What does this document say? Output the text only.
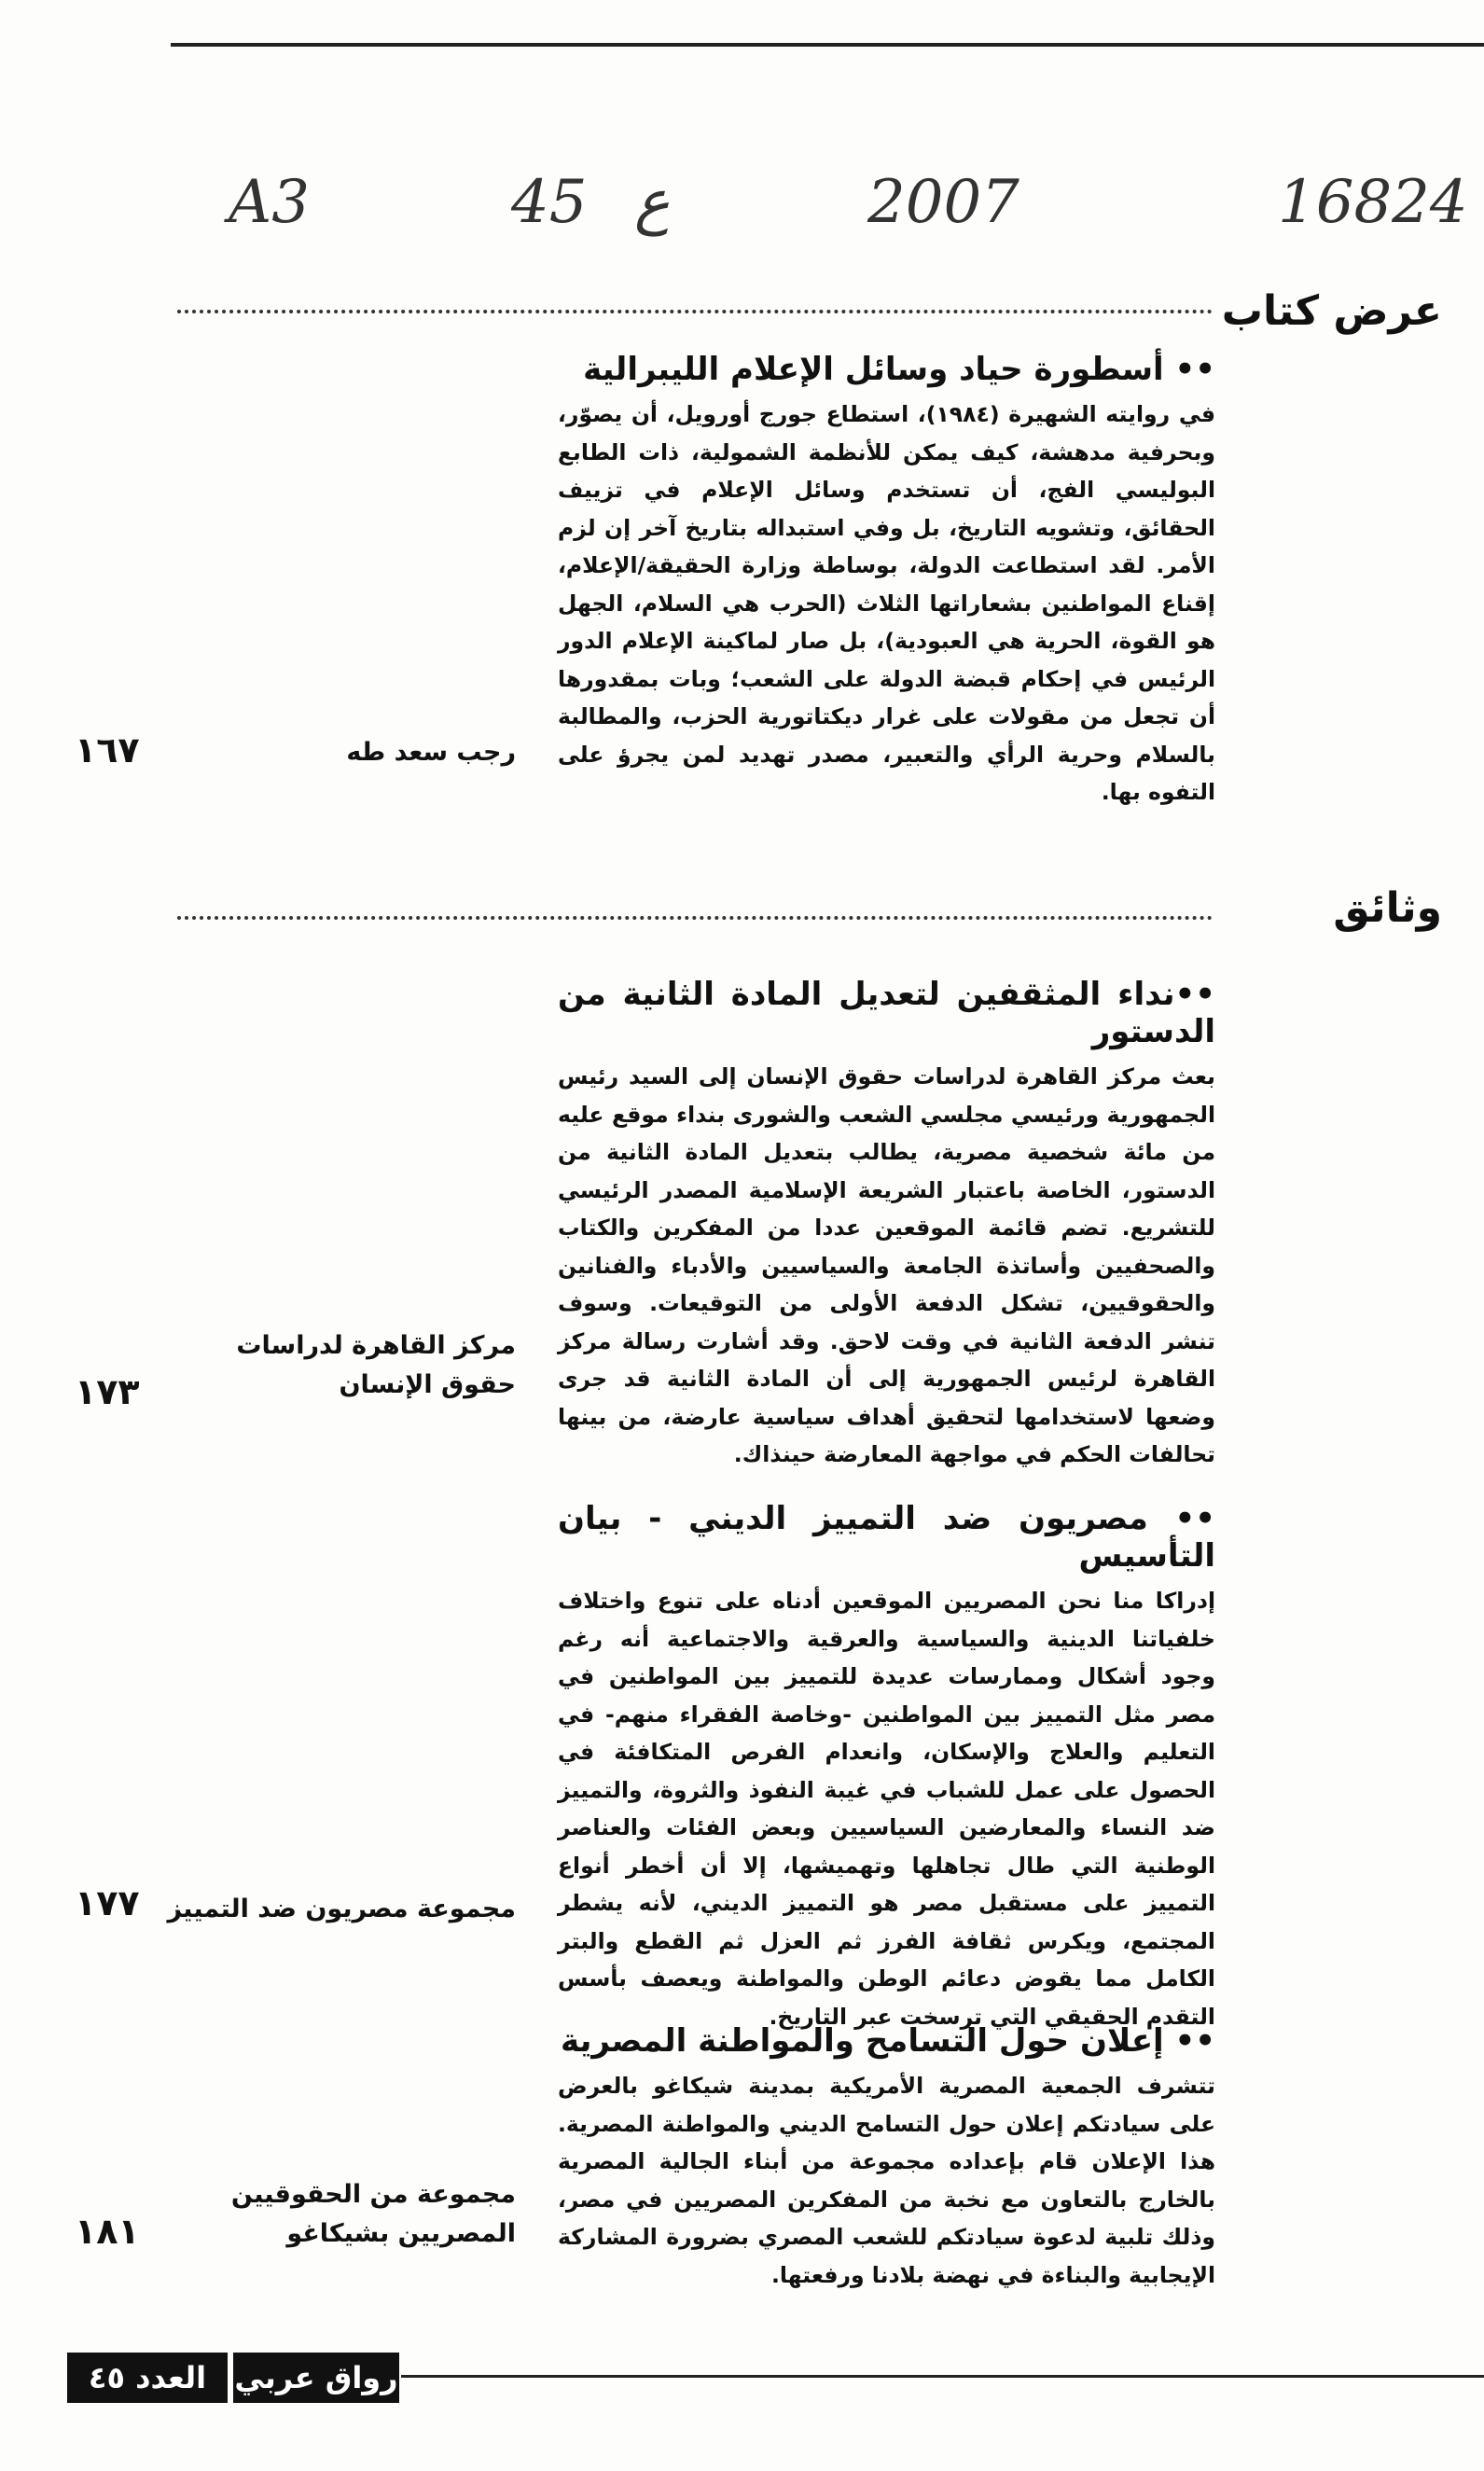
A3	45 ع	2007	16824
عرض كتاب
•• أسطورة حياد وسائل الإعلام الليبرالية

في روايته الشهيرة (١٩٨٤)، استطاع جورج أورويل، أن يصوّر، وبحرفية مدهشة، كيف يمكن للأنظمة الشمولية، ذات الطابع البوليسي الفج، أن تستخدم وسائل الإعلام في تزييف الحقائق، وتشويه التاريخ، بل وفي استبداله بتاريخ آخر إن لزم الأمر. لقد استطاعت الدولة، بوساطة وزارة الحقيقة/الإعلام، إقناع المواطنين بشعاراتها الثلاث (الحرب هي السلام، الجهل هو القوة، الحرية هي العبودية)، بل صار لماكينة الإعلام الدور الرئيس في إحكام قبضة الدولة على الشعب؛ وبات بمقدورها أن تجعل من مقولات على غرار ديكتاتورية الحزب، والمطالبة بالسلام وحرية الرأي والتعبير، مصدر تهديد لمن يجرؤ على التفوه بها.

رجب سعد طه
١٦٧
وثائق
••نداء المثقفين لتعديل المادة الثانية من الدستور

بعث مركز القاهرة لدراسات حقوق الإنسان إلى السيد رئيس الجمهورية ورئيسي مجلسي الشعب والشورى بنداء موقع عليه من مائة شخصية مصرية، يطالب بتعديل المادة الثانية من الدستور، الخاصة باعتبار الشريعة الإسلامية المصدر الرئيسي للتشريع. تضم قائمة الموقعين عددا من المفكرين والكتاب والصحفيين وأساتذة الجامعة والسياسيين والأدباء والفنانين والحقوقيين، تشكل الدفعة الأولى من التوقيعات. وسوف تنشر الدفعة الثانية في وقت لاحق. وقد أشارت رسالة مركز القاهرة لرئيس الجمهورية إلى أن المادة الثانية قد جرى وضعها لاستخدامها لتحقيق أهداف سياسية عارضة، من بينها تحالفات الحكم في مواجهة المعارضة حينذاك.

مركز القاهرة لدراسات حقوق الإنسان
١٧٣
•• مصريون ضد التمييز الديني - بيان التأسيس

إدراكا منا نحن المصريين الموقعين أدناه على تنوع واختلاف خلفياتنا الدينية والسياسية والعرقية والاجتماعية أنه رغم وجود أشكال وممارسات عديدة للتمييز بين المواطنين في مصر مثل التمييز بين المواطنين -وخاصة الفقراء منهم- في التعليم والعلاج والإسكان، وانعدام الفرص المتكافئة في الحصول على عمل للشباب في غيبة النفوذ والثروة، والتمييز ضد النساء والمعارضين السياسيين وبعض الفئات والعناصر الوطنية التي طال تجاهلها وتهميشها، إلا أن أخطر أنواع التمييز على مستقبل مصر هو التمييز الديني، لأنه يشطر المجتمع، ويكرس ثقافة الفرز ثم العزل ثم القطع والبتر الكامل مما يقوض دعائم الوطن والمواطنة ويعصف بأسس التقدم الحقيقي التي ترسخت عبر التاريخ.

مجموعة مصريون ضد التمييز
١٧٧
•• إعلان حول التسامح والمواطنة المصرية

تتشرف الجمعية المصرية الأمريكية بمدينة شيكاغو بالعرض على سيادتكم إعلان حول التسامح الديني والمواطنة المصرية. هذا الإعلان قام بإعداده مجموعة من أبناء الجالية المصرية بالخارج بالتعاون مع نخبة من المفكرين المصريين في مصر، وذلك تلبية لدعوة سيادتكم للشعب المصري بضرورة المشاركة الإيجابية والبناءة في نهضة بلادنا ورفعتها.

مجموعة من الحقوقيين المصريين بشيكاغو
١٨١
العدد ٤٥ رواق عربي
